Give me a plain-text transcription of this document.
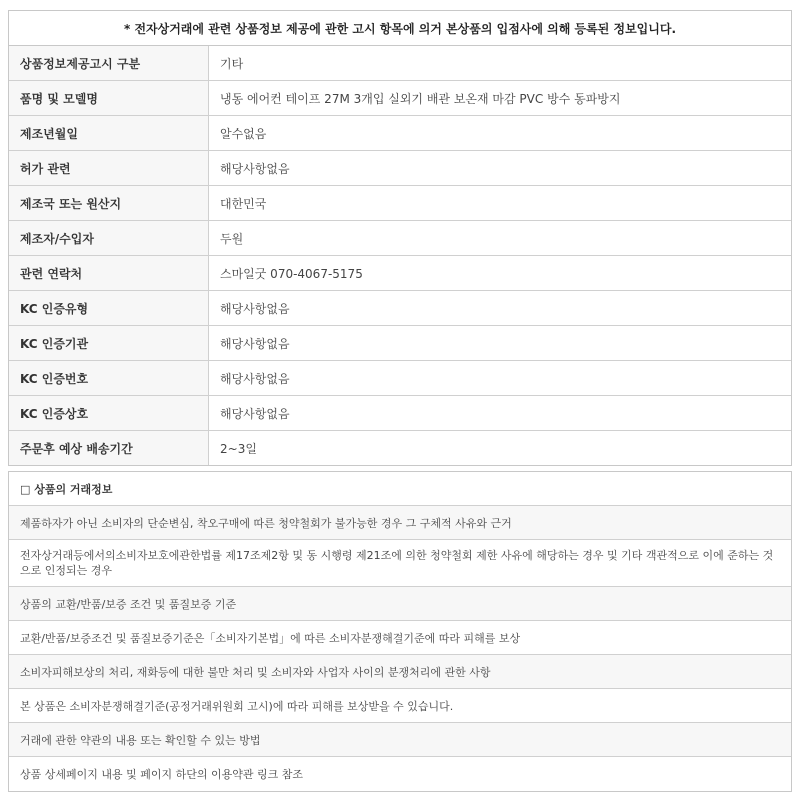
* 전자상거래에 관련 상품정보 제공에 관한 고시 항목에 의거 본상품의 입점사에 의해 등록된 정보입니다.
상품정보제공고시 구분	기타
품명 및 모델명	냉동 에어컨 테이프 27M 3개입 실외기 배관 보온재 마감 PVC 방수 동파방지
제조년월일	알수없음
허가 관련	해당사항없음
제조국 또는 원산지	대한민국
제조자/수입자	두원
관련 연락처	스마일굿 070-4067-5175
KC 인증유형	해당사항없음
KC 인증기관	해당사항없음
KC 인증번호	해당사항없음
KC 인증상호	해당사항없음
주문후 예상 배송기간	2~3일
□ 상품의 거래정보
제품하자가 아닌 소비자의 단순변심, 착오구매에 따른 청약철회가 불가능한 경우 그 구체적 사유와 근거
전자상거래등에서의소비자보호에관한법률 제17조제2항 및 동 시행령 제21조에 의한 청약철회 제한 사유에 해당하는 경우 및 기타 객관적으로 이에 준하는 것으로 인정되는 경우
상품의 교환/반품/보증 조건 및 품질보증 기준
교환/반품/보증조건 및 품질보증기준은「소비자기본법」에 따른 소비자분쟁해결기준에 따라 피해를 보상
소비자피해보상의 처리, 재화등에 대한 불만 처리 및 소비자와 사업자 사이의 분쟁처리에 관한 사항
본 상품은 소비자분쟁해결기준(공정거래위원회 고시)에 따라 피해를 보상받을 수 있습니다.
거래에 관한 약관의 내용 또는 확인할 수 있는 방법
상품 상세페이지 내용 및 페이지 하단의 이용약관 링크 참조
